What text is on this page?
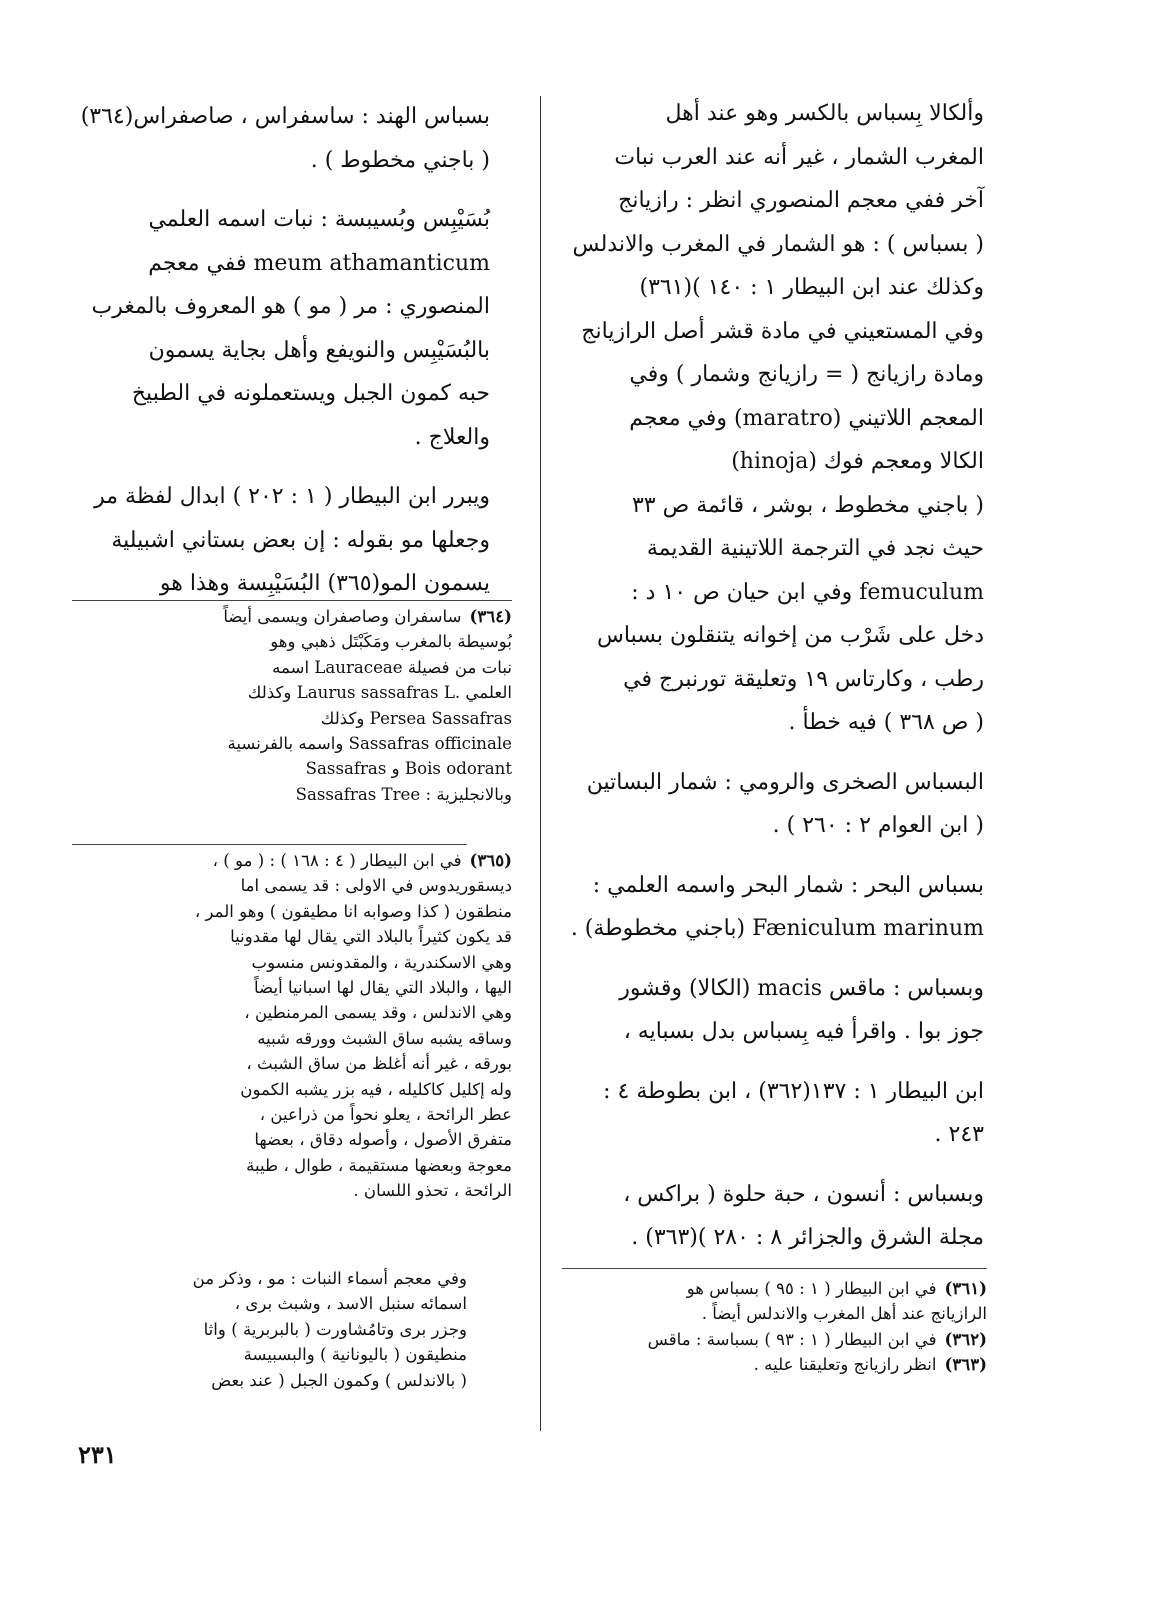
وألكالا بِسباس بالكسر وهو عند أهل
المغرب الشمار ، غير أنه عند العرب نبات
آخر ففي معجم المنصوري انظر : رازيانج
( بسباس ) : هو الشمار في المغرب والاندلس
وكذلك عند ابن البيطار ١ : ١٤٠ )(٣٦١)
وفي المستعيني في مادة قشر أصل الرازيانج
ومادة رازيانج ( = رازيانج وشمار ) وفي
المعجم اللاتيني (maratro) وفي معجم
الكالا ومعجم فوك (hinoja)
( باجني مخطوط ، بوشر ، قائمة ص ٣٣
حيث نجد في الترجمة اللاتينية القديمة
femuculum وفي ابن حيان ص ١٠ د :
دخل على شَرْب من إخوانه يتنقلون بسباس
رطب ، وكارتاس ١٩ وتعليقة تورنبرج في
( ص ٣٦٨ ) فيه خطأ .

البسباس الصخرى والرومي : شمار البساتين
( ابن العوام ٢ : ٢٦٠ ) .

بسباس البحر : شمار البحر واسمه العلمي :
Fæniculum marinum (باجني مخطوطة) .

وبسباس : ماقس macis (الكالا) وقشور
جوز بوا . واقرأ فيه بِسباس بدل بسبايه ،

ابن البيطار ١ : ١٣٧(٣٦٢) ، ابن بطوطة ٤ :
٢٤٣ .

وبسباس : أنسون ، حبة حلوة ( براكس ،
مجلة الشرق والجزائر ٨ : ٢٨٠ )(٣٦٣) .

(٣٦١)في ابن البيطار ( ١ : ٩٥ ) بسباس هو
الرازيانج عند أهل المغرب والاندلس أيضاً .

(٣٦٢)في ابن البيطار ( ١ : ٩٣ ) بسباسة : ماقس

(٣٦٣)انظر رازيانج وتعليقنا عليه .

بسباس الهند : ساسفراس ، صاصفراس(٣٦٤)
( باجني مخطوط ) .

بُسَيْبِس وبُسيبسة : نبات اسمه العلمي
meum athamanticum ففي معجم
المنصوري : مر ( مو ) هو المعروف بالمغرب
بالبُسَيْبِس والنويفع وأهل بجاية يسمون
حبه كمون الجبل ويستعملونه في الطبيخ
والعلاج .

ويبرر ابن البيطار ( ١ : ٢٠٢ ) ابدال لفظة مر
وجعلها مو بقوله : إن بعض بستاني اشبيلية
يسمون المو(٣٦٥) البُسَيْبِسة وهذا هو

(٣٦٤)ساسفران وصاصفران ويسمى أيضاً
بُوسيطة بالمغرب ومَكَبْتَل ذهبي وهو
نبات من فصيلة Lauraceae اسمه
العلمي .Laurus sassafras L وكذلك
Persea Sassafras وكذلك
Sassafras officinale واسمه بالفرنسية
Bois odorant و Sassafras
وبالانجليزية : Sassafras Tree

(٣٦٥)في ابن البيطار ( ٤ : ١٦٨ ) : ( مو ) ،
ديسقوريدوس في الاولى : قد يسمى اما
منطقون ( كذا وصوابه انا مطيقون ) وهو المر ،
قد يكون كثيراً بالبلاد التي يقال لها مقدونيا
وهي الاسكندرية ، والمقدونس منسوب
اليها ، والبلاد التي يقال لها اسبانيا أيضاً
وهي الاندلس ، وقد يسمى المرمنطين ،
وساقه يشبه ساق الشبث وورقه شبيه
بورقه ، غير أنه أغلظ من ساق الشبث ،
وله إكليل كاكليله ، فيه بزر يشبه الكمون
عطر الرائحة ، يعلو نحواً من ذراعين ،
متفرق الأصول ، وأصوله دقاق ، بعضها
معوجة وبعضها مستقيمة ، طوال ، طيبة
الرائحة ، تحذو اللسان .

وفي معجم أسماء النبات : مو ، وذكر من
اسمائه سنبل الاسد ، وشبث برى ،
وجزر برى وتامُشاورت ( بالبربرية ) واثا
منطيقون ( باليونانية ) والبسبيسة
( بالاندلس ) وكمون الجبل ( عند بعض

٢٣١
